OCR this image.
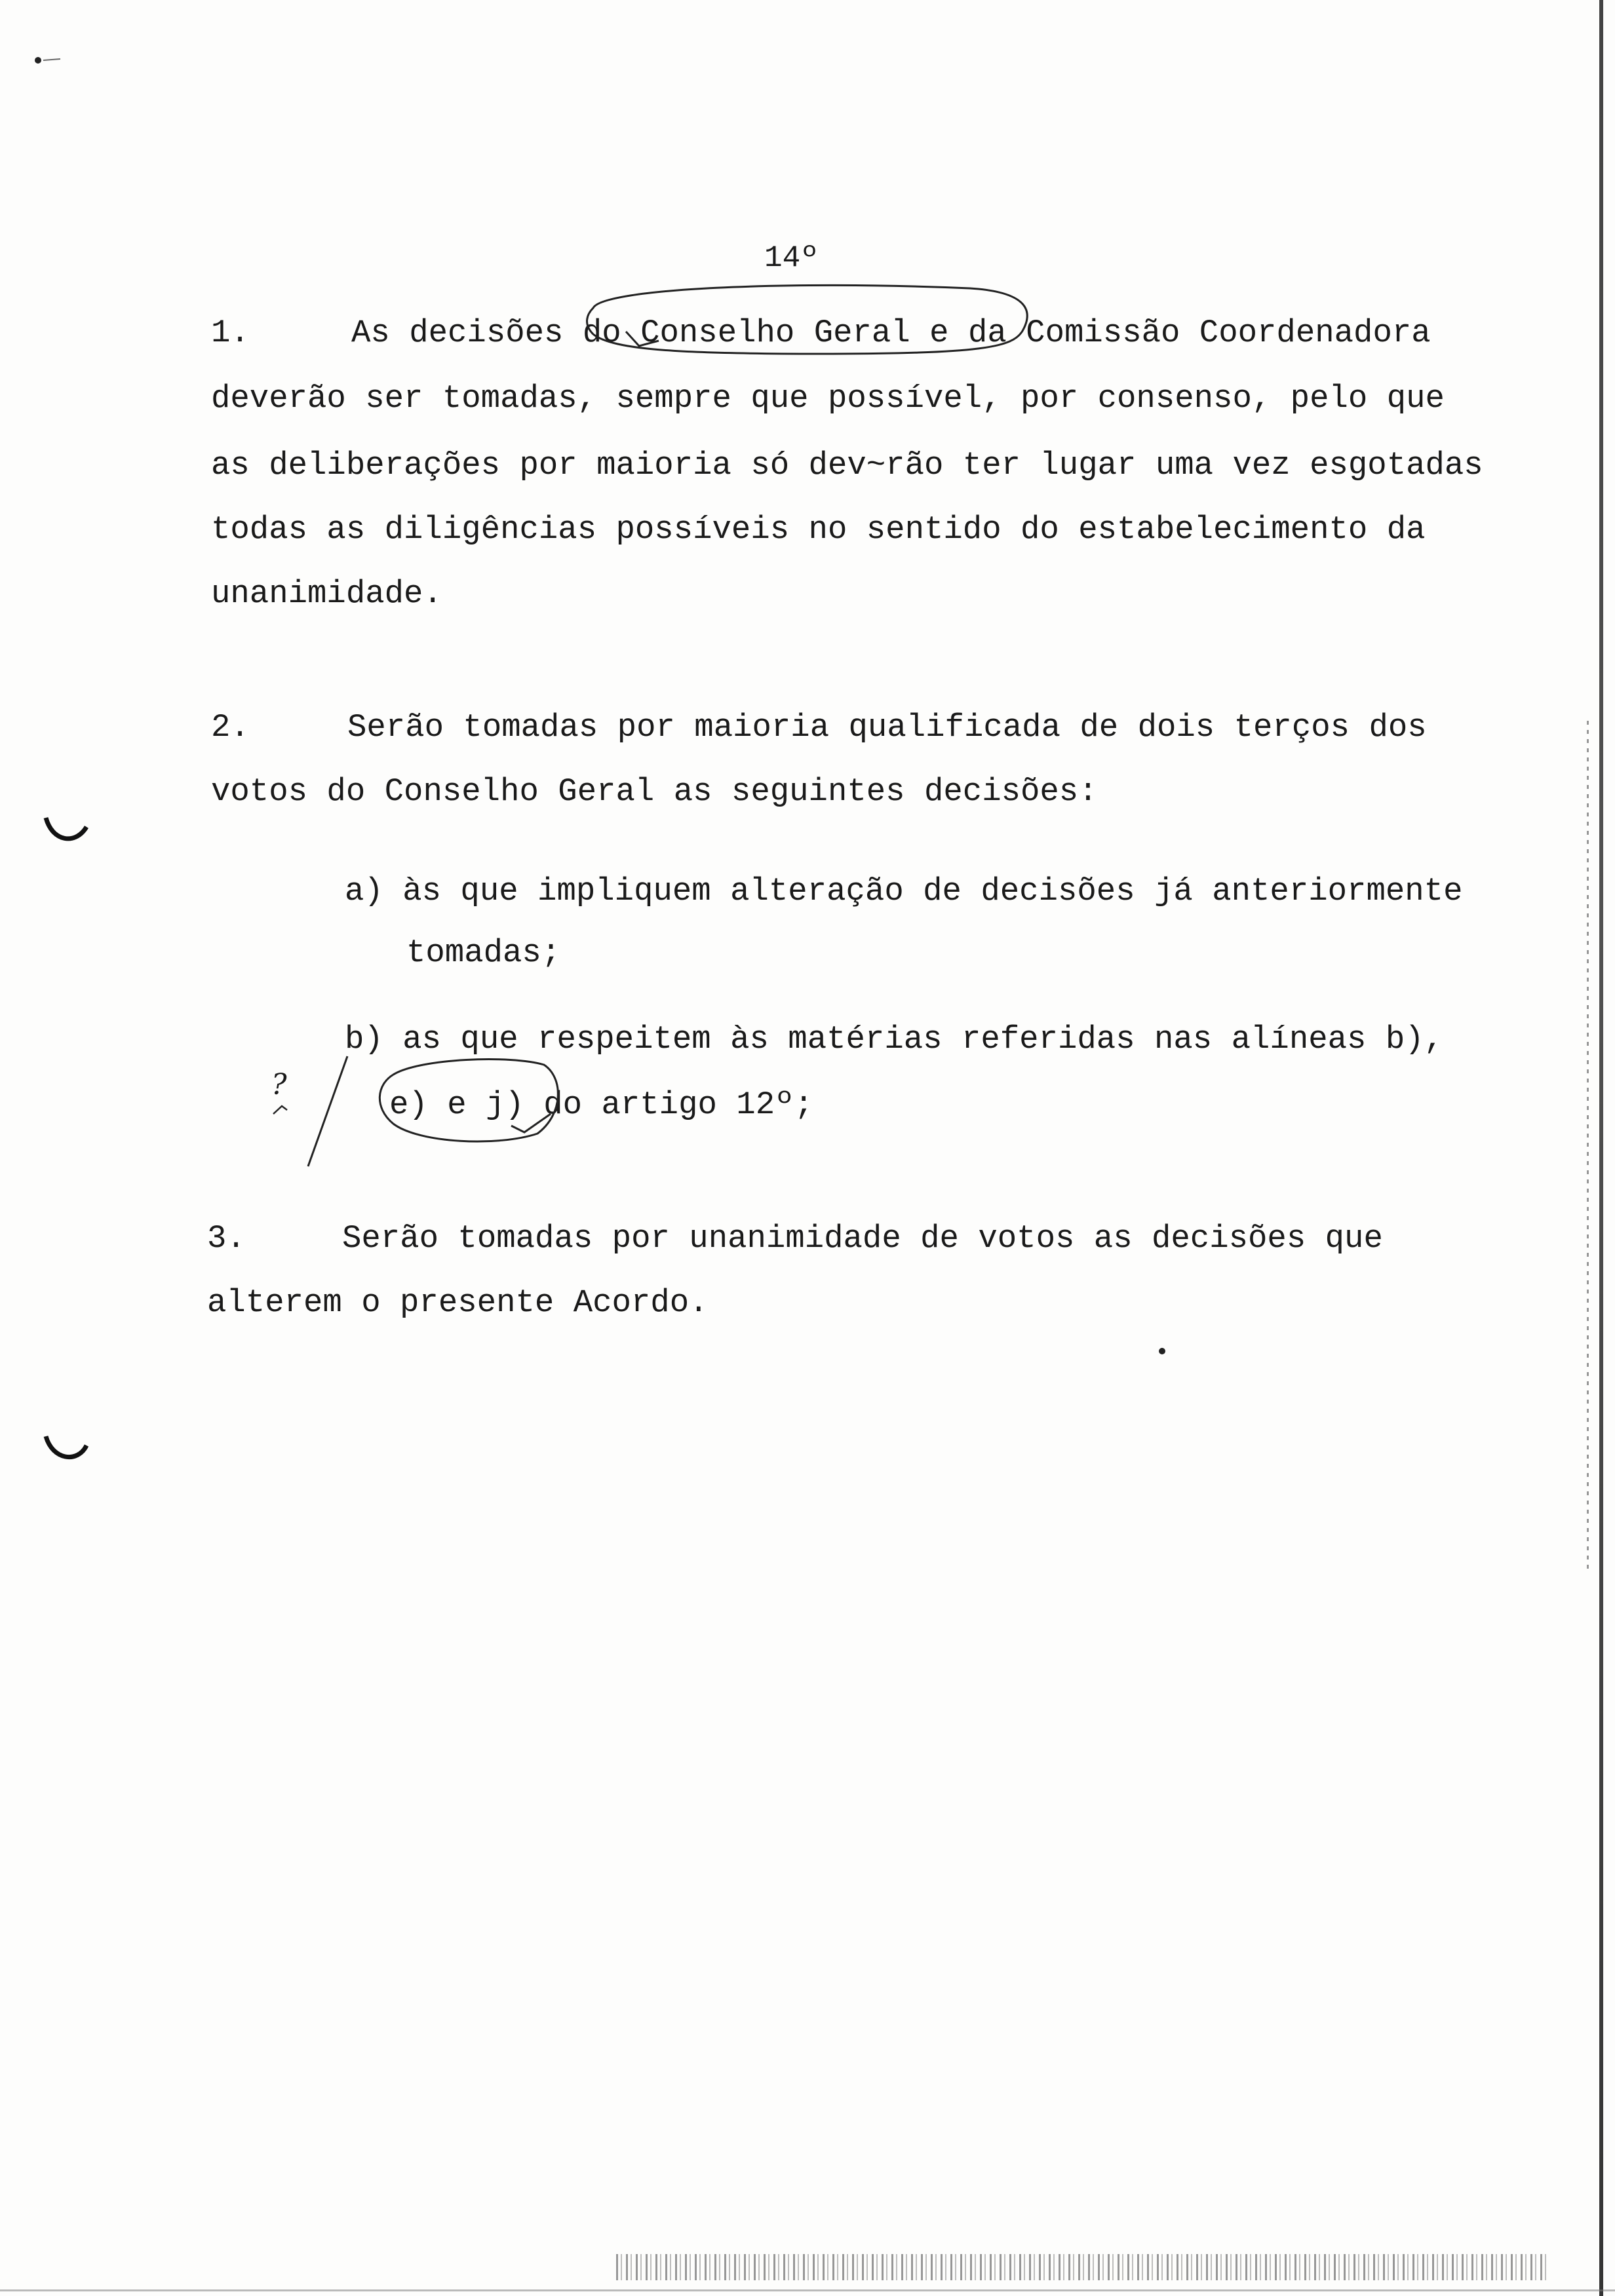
14º
1.	As decisões do Conselho Geral e da Comissão Coordenadora
deverão ser tomadas, sempre que possível, por consenso, pelo que
as deliberações por maioria só dev~rão ter lugar uma vez esgotadas
todas as diligências possíveis no sentido do estabelecimento da
unanimidade.
2.	Serão tomadas por maioria qualificada de dois terços dos
votos do Conselho Geral as seguintes decisões:
a) às que impliquem alteração de decisões já anteriormente
tomadas;
b) as que respeitem às matérias referidas nas alíneas b),
e) e j) do artigo 12º;
3.	Serão tomadas por unanimidade de votos as decisões que
alterem o presente Acordo.
?
